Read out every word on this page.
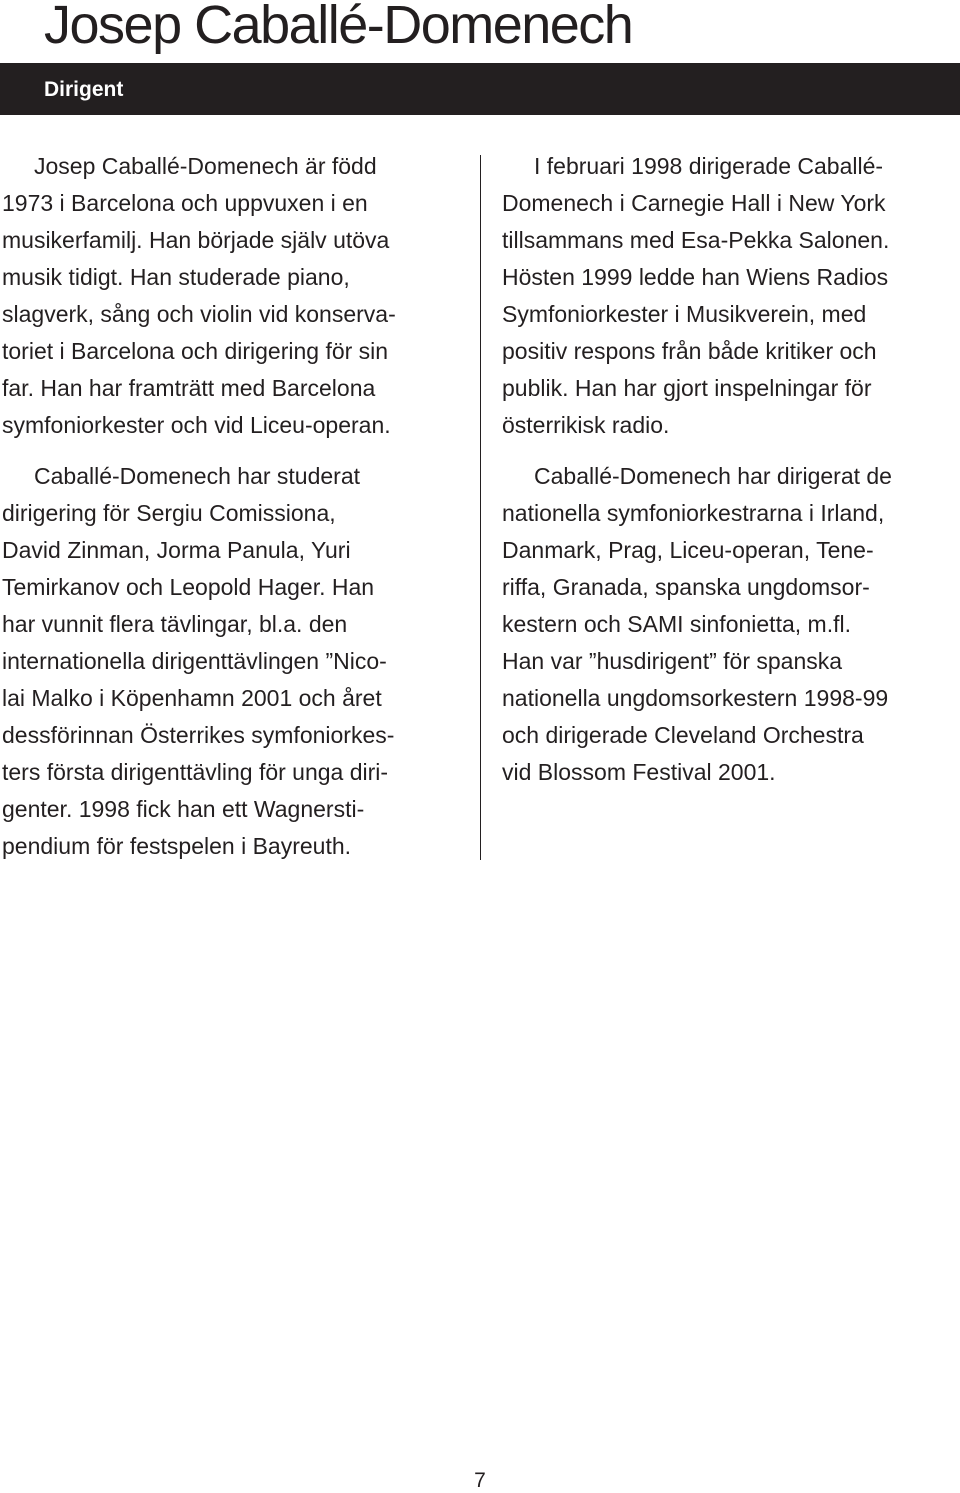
Josep Caballé-Domenech
Dirigent

Josep Caballé-Domenech är född
1973 i Barcelona och uppvuxen i en
musikerfamilj. Han började själv utöva
musik tidigt. Han studerade piano,
slagverk, sång och violin vid konserva-
toriet i Barcelona och dirigering för sin
far. Han har framträtt med Barcelona
symfoniorkester och vid Liceu-operan.

Caballé-Domenech har studerat
dirigering för Sergiu Comissiona,
David Zinman, Jorma Panula, Yuri
Temirkanov och Leopold Hager. Han
har vunnit flera tävlingar, bl.a. den
internationella dirigenttävlingen ”Nico-
lai Malko i Köpenhamn 2001 och året
dessförinnan Österrikes symfoniorkes-
ters första dirigenttävling för unga diri-
genter. 1998 fick han ett Wagnersti-
pendium för festspelen i Bayreuth.

I februari 1998 dirigerade Caballé-
Domenech i Carnegie Hall i New York
tillsammans med Esa-Pekka Salonen.
Hösten 1999 ledde han Wiens Radios
Symfoniorkester i Musikverein, med
positiv respons från både kritiker och
publik. Han har gjort inspelningar för
österrikisk radio.

Caballé-Domenech har dirigerat de
nationella symfoniorkestrarna i Irland,
Danmark, Prag, Liceu-operan, Tene-
riffa, Granada, spanska ungdomsor-
kestern och SAMI sinfonietta, m.fl.
Han var ”husdirigent” för spanska
nationella ungdomsorkestern 1998-99
och dirigerade Cleveland Orchestra
vid Blossom Festival 2001.

7
